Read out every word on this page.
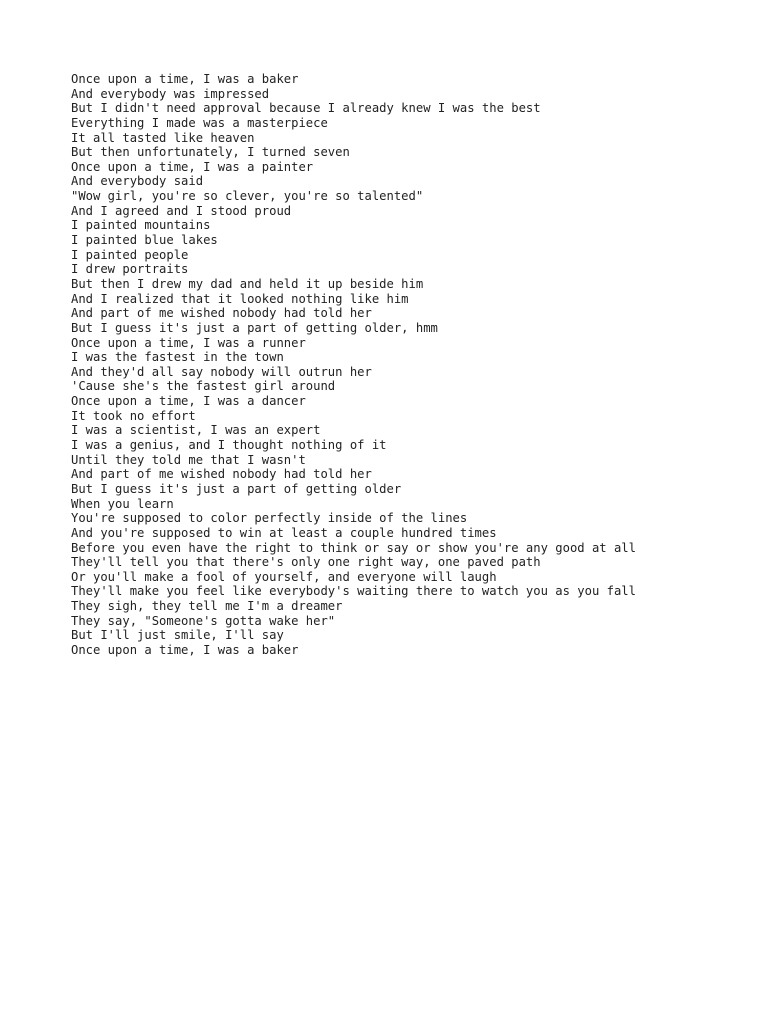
Once upon a time, I was a baker
And everybody was impressed
But I didn't need approval because I already knew I was the best
Everything I made was a masterpiece
It all tasted like heaven
But then unfortunately, I turned seven
Once upon a time, I was a painter
And everybody said
"Wow girl, you're so clever, you're so talented"
And I agreed and I stood proud
I painted mountains
I painted blue lakes
I painted people
I drew portraits
But then I drew my dad and held it up beside him
And I realized that it looked nothing like him
And part of me wished nobody had told her
But I guess it's just a part of getting older, hmm
Once upon a time, I was a runner
I was the fastest in the town
And they'd all say nobody will outrun her
'Cause she's the fastest girl around
Once upon a time, I was a dancer
It took no effort
I was a scientist, I was an expert
I was a genius, and I thought nothing of it
Until they told me that I wasn't
And part of me wished nobody had told her
But I guess it's just a part of getting older
When you learn
You're supposed to color perfectly inside of the lines
And you're supposed to win at least a couple hundred times
Before you even have the right to think or say or show you're any good at all
They'll tell you that there's only one right way, one paved path
Or you'll make a fool of yourself, and everyone will laugh
They'll make you feel like everybody's waiting there to watch you as you fall
They sigh, they tell me I'm a dreamer
They say, "Someone's gotta wake her"
But I'll just smile, I'll say
Once upon a time, I was a baker
